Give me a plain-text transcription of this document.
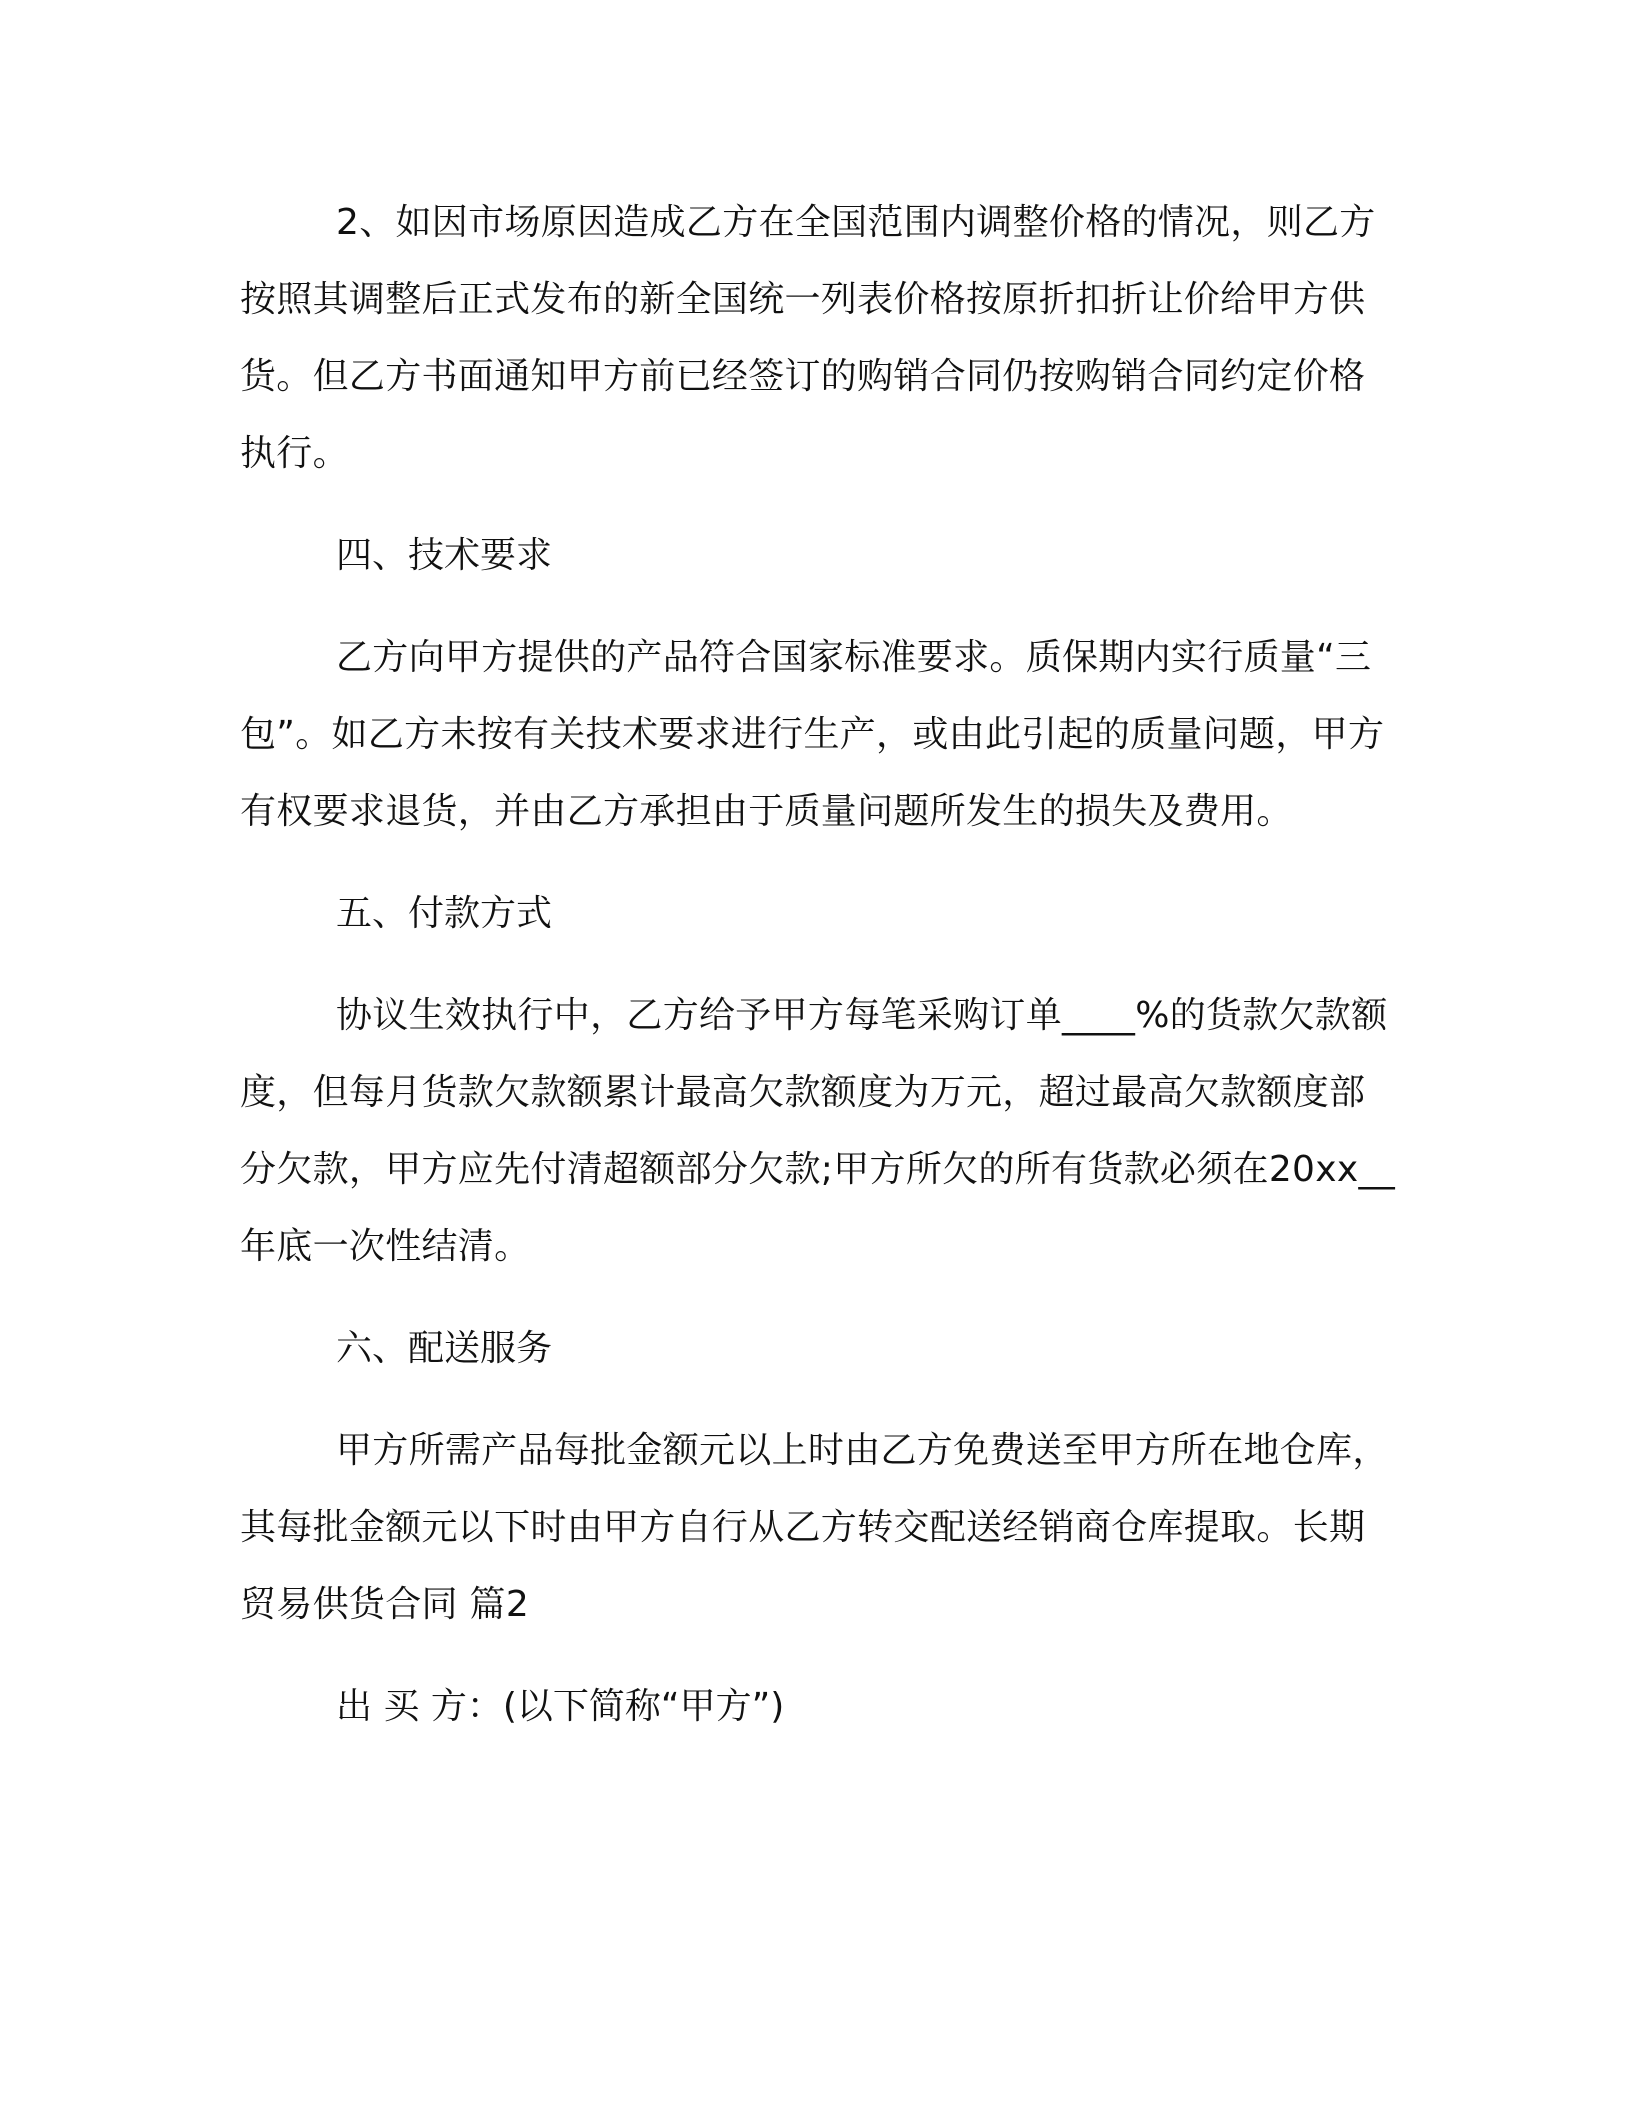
2、如因市场原因造成乙方在全国范围内调整价格的情况，则乙方按照其调整后正式发布的新全国统一列表价格按原折扣折让价给甲方供货。但乙方书面通知甲方前已经签订的购销合同仍按购销合同约定价格执行。

四、技术要求

乙方向甲方提供的产品符合国家标准要求。质保期内实行质量“三包”。如乙方未按有关技术要求进行生产，或由此引起的质量问题，甲方有权要求退货，并由乙方承担由于质量问题所发生的损失及费用。

五、付款方式

协议生效执行中，乙方给予甲方每笔采购订单____%的货款欠款额度，但每月货款欠款额累计最高欠款额度为万元，超过最高欠款额度部分欠款，甲方应先付清超额部分欠款;甲方所欠的所有货款必须在20xx__年底一次性结清。

六、配送服务

甲方所需产品每批金额元以上时由乙方免费送至甲方所在地仓库，其每批金额元以下时由甲方自行从乙方转交配送经销商仓库提取。长期贸易供货合同 篇2

出 买 方：(以下简称“甲方”)
